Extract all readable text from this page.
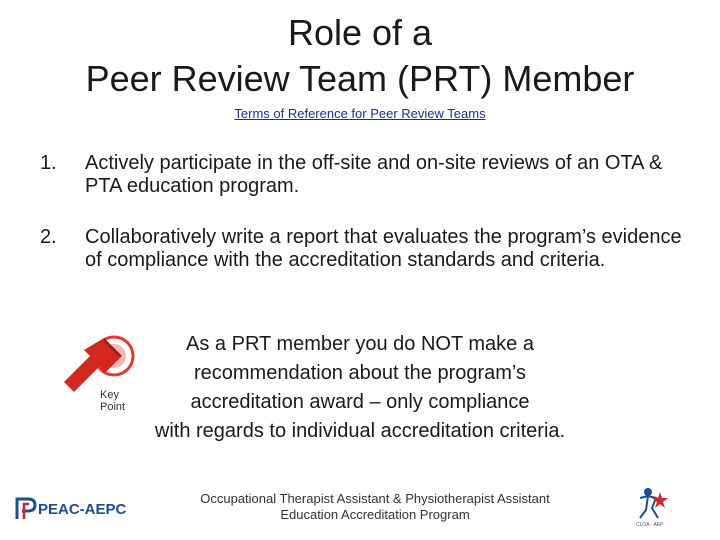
Role of a
Peer Review Team (PRT) Member
Terms of Reference for Peer Review Teams
1. Actively participate in the off-site and on-site reviews of an OTA & PTA education program.
2. Collaboratively write a report that evaluates the program’s evidence of compliance with the accreditation standards and criteria.
Key
Point
As a PRT member you do NOT make a
recommendation about the program’s
accreditation award – only compliance
with regards to individual accreditation criteria.
PEAC-AEPC
Occupational Therapist Assistant & Physiotherapist Assistant
Education Accreditation Program
CLOA · AEP
